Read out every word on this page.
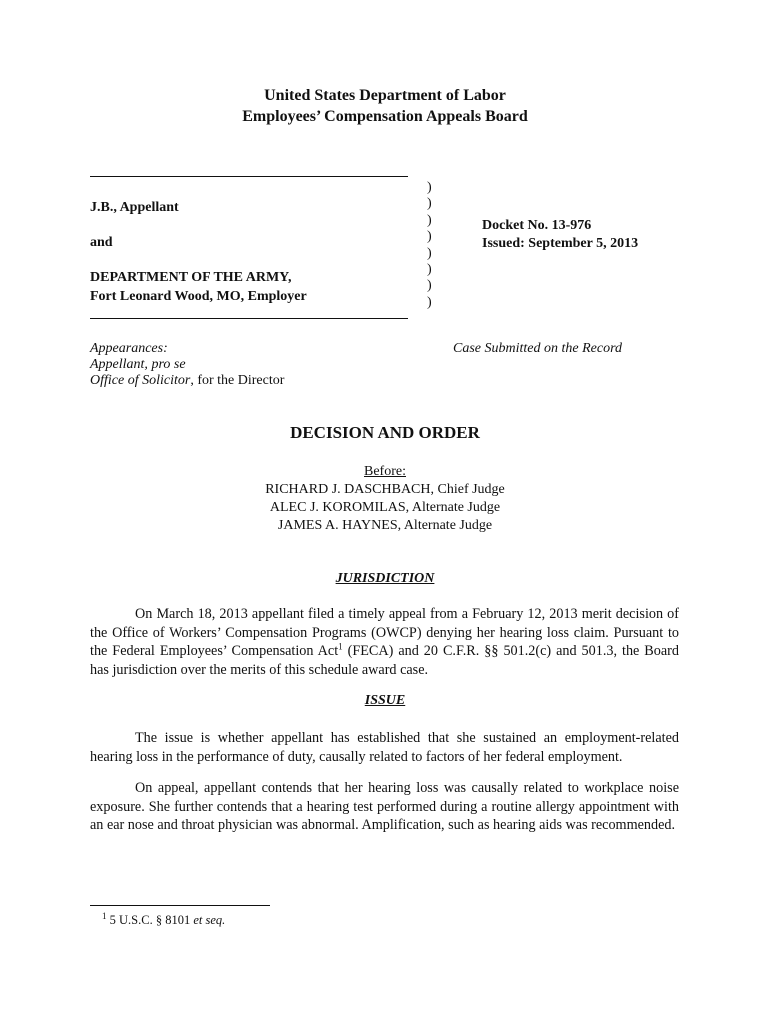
United States Department of Labor
Employees’ Compensation Appeals Board
J.B., Appellant
and
DEPARTMENT OF THE ARMY,
Fort Leonard Wood, MO, Employer
)
)
)
)
)
)
)
)
Docket No. 13-976
Issued: September 5, 2013
Appearances:
Appellant, pro se
Office of Solicitor, for the Director
Case Submitted on the Record
DECISION AND ORDER
Before:
RICHARD J. DASCHBACH, Chief Judge
ALEC J. KOROMILAS, Alternate Judge
JAMES A. HAYNES, Alternate Judge
JURISDICTION
On March 18, 2013 appellant filed a timely appeal from a February 12, 2013 merit decision of the Office of Workers’ Compensation Programs (OWCP) denying her hearing loss claim. Pursuant to the Federal Employees’ Compensation Act$^1$ (FECA) and 20 C.F.R. §§ 501.2(c) and 501.3, the Board has jurisdiction over the merits of this schedule award case.
ISSUE
The issue is whether appellant has established that she sustained an employment-related hearing loss in the performance of duty, causally related to factors of her federal employment.
On appeal, appellant contends that her hearing loss was causally related to workplace noise exposure. She further contends that a hearing test performed during a routine allergy appointment with an ear nose and throat physician was abnormal. Amplification, such as hearing aids was recommended.
$^1$ 5 U.S.C. § 8101 et seq.
